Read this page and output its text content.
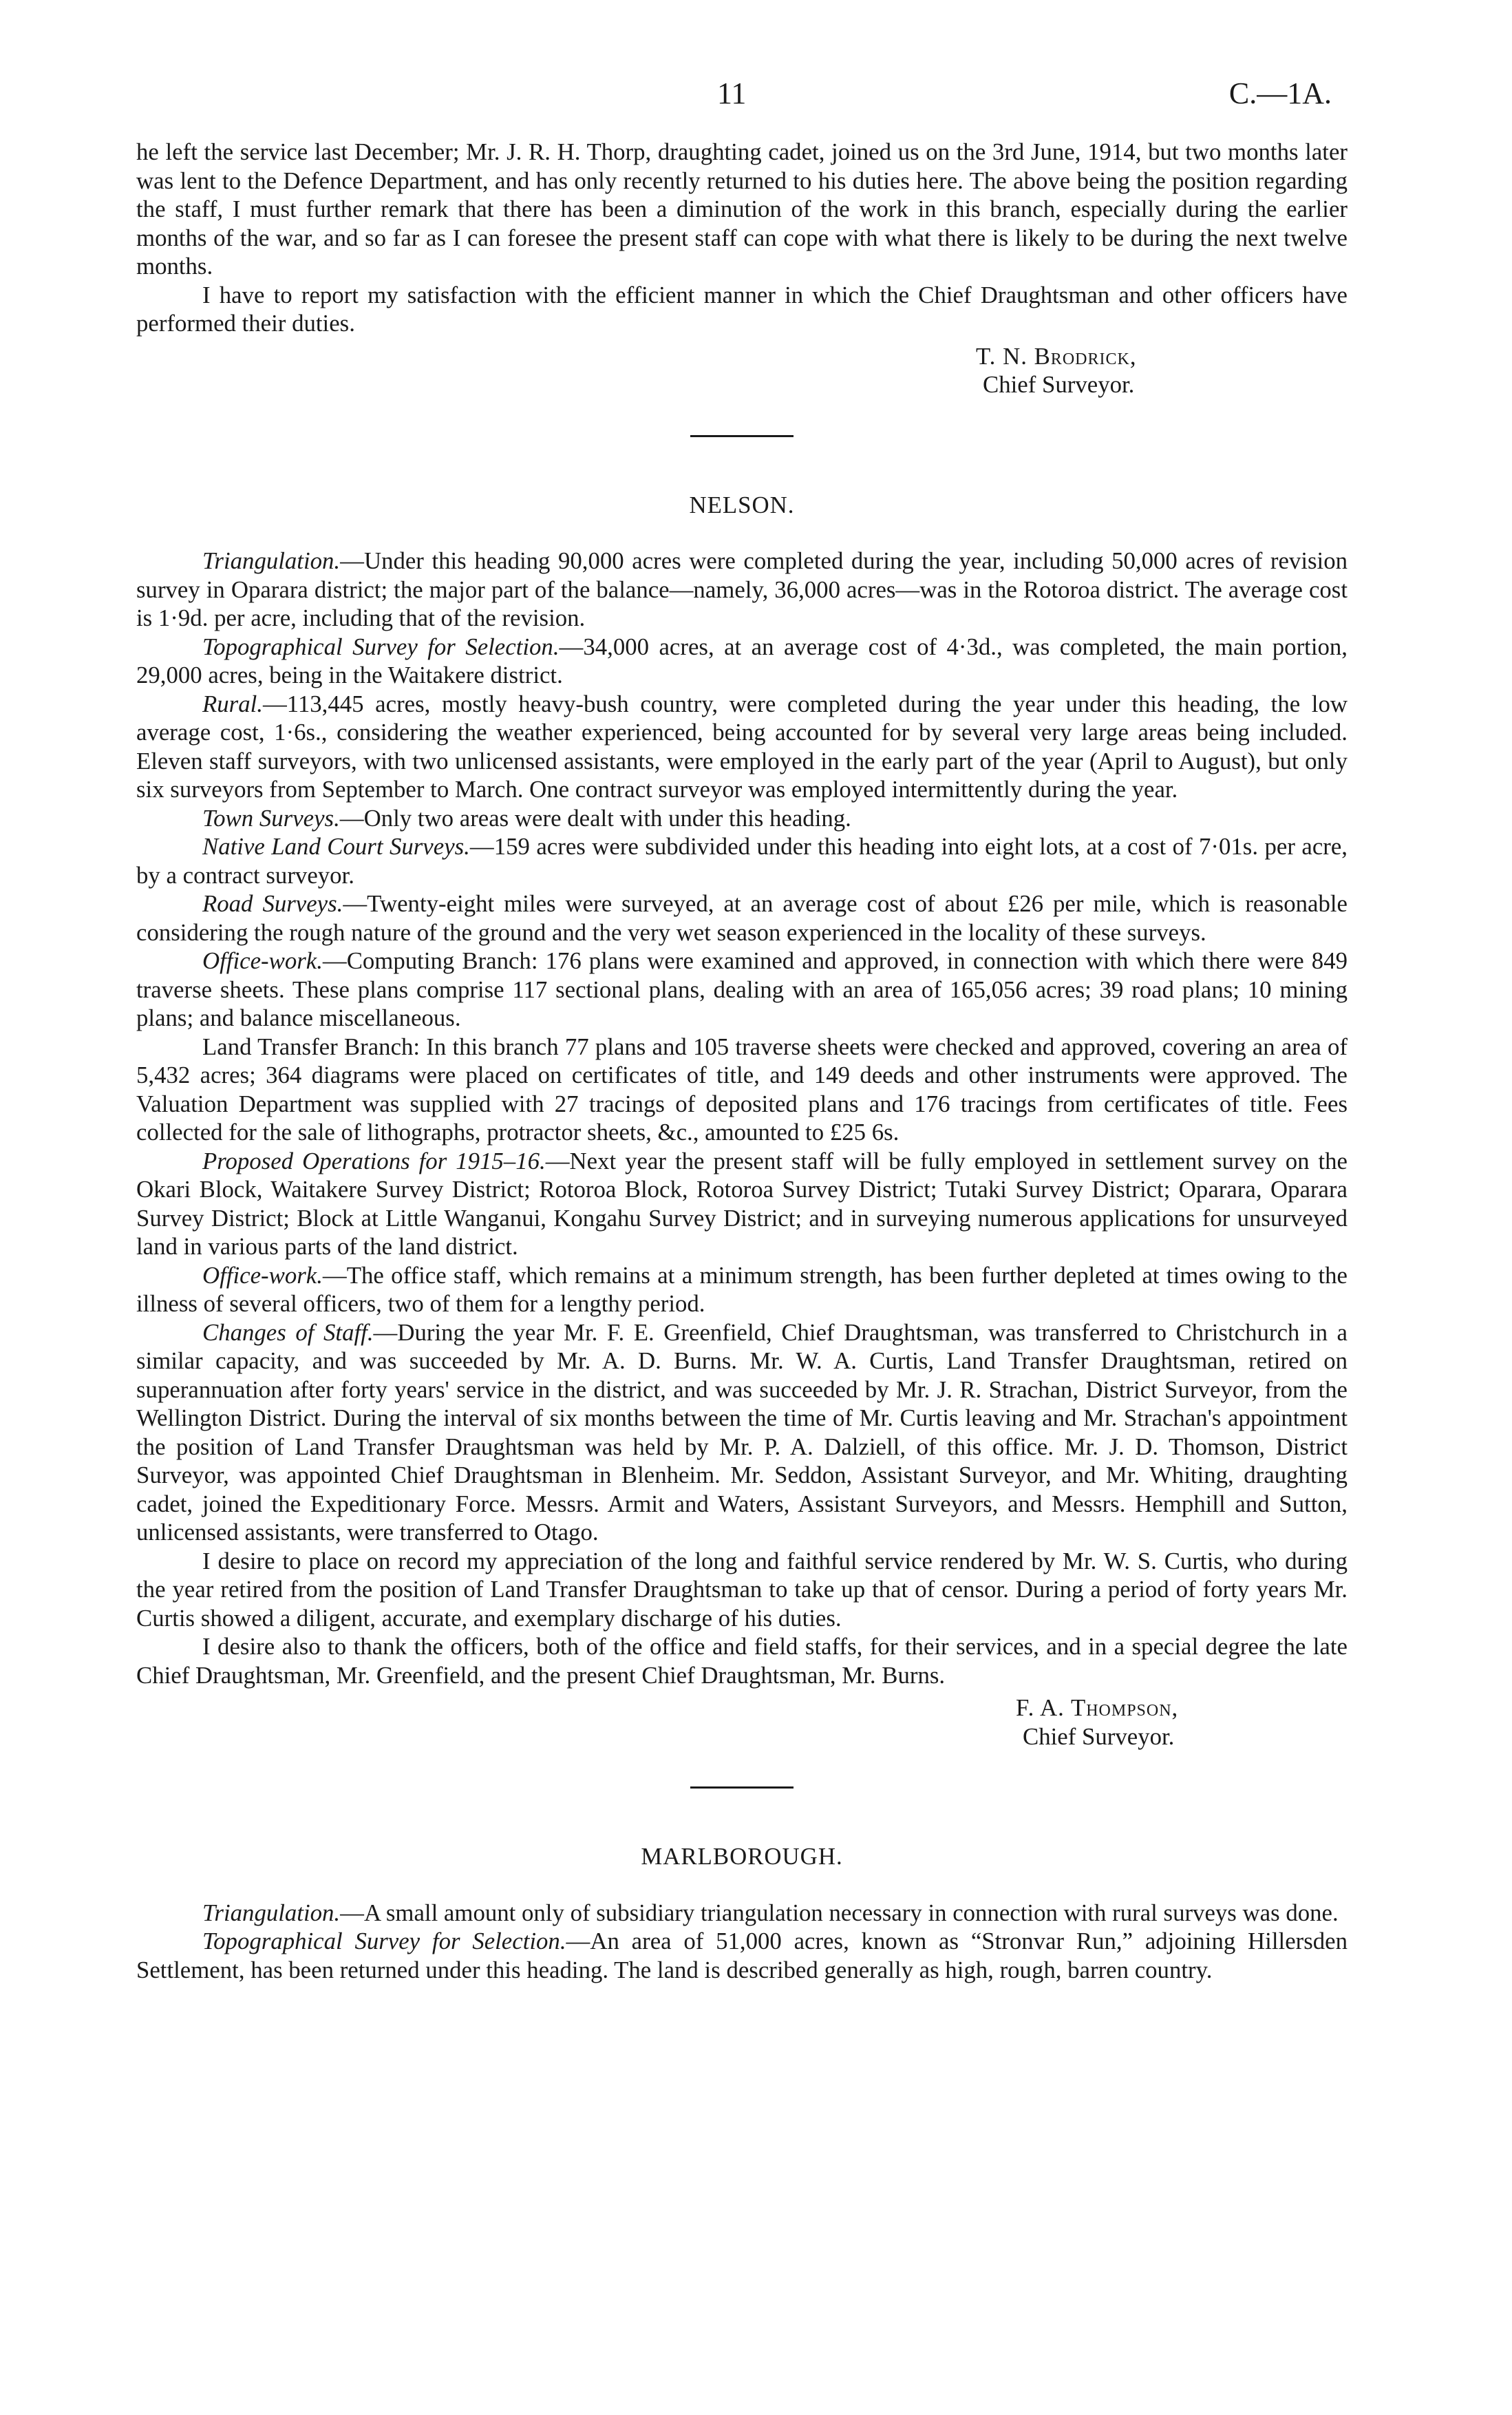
11	C.—1A.

he left the service last December; Mr. J. R. H. Thorp, draughting cadet, joined us on the 3rd June, 1914, but two months later was lent to the Defence Department, and has only recently returned to his duties here. The above being the position regarding the staff, I must further remark that there has been a diminution of the work in this branch, especially during the earlier months of the war, and so far as I can foresee the present staff can cope with what there is likely to be during the next twelve months.

I have to report my satisfaction with the efficient manner in which the Chief Draughtsman and other officers have performed their duties.

T. N. Brodrick,
Chief Surveyor.
NELSON.

Triangulation.—Under this heading 90,000 acres were completed during the year, including 50,000 acres of revision survey in Oparara district; the major part of the balance—namely, 36,000 acres—was in the Rotoroa district. The average cost is 1·9d. per acre, including that of the revision.

Topographical Survey for Selection.—34,000 acres, at an average cost of 4·3d., was completed, the main portion, 29,000 acres, being in the Waitakere district.

Rural.—113,445 acres, mostly heavy-bush country, were completed during the year under this heading, the low average cost, 1·6s., considering the weather experienced, being accounted for by several very large areas being included. Eleven staff surveyors, with two unlicensed assistants, were employed in the early part of the year (April to August), but only six surveyors from September to March. One contract surveyor was employed intermittently during the year.

Town Surveys.—Only two areas were dealt with under this heading.

Native Land Court Surveys.—159 acres were subdivided under this heading into eight lots, at a cost of 7·01s. per acre, by a contract surveyor.

Road Surveys.—Twenty-eight miles were surveyed, at an average cost of about £26 per mile, which is reasonable considering the rough nature of the ground and the very wet season experienced in the locality of these surveys.

Office-work.—Computing Branch: 176 plans were examined and approved, in connection with which there were 849 traverse sheets. These plans comprise 117 sectional plans, dealing with an area of 165,056 acres; 39 road plans; 10 mining plans; and balance miscellaneous.

Land Transfer Branch: In this branch 77 plans and 105 traverse sheets were checked and approved, covering an area of 5,432 acres; 364 diagrams were placed on certificates of title, and 149 deeds and other instruments were approved. The Valuation Department was supplied with 27 tracings of deposited plans and 176 tracings from certificates of title. Fees collected for the sale of lithographs, protractor sheets, &c., amounted to £25 6s.

Proposed Operations for 1915–16.—Next year the present staff will be fully employed in settlement survey on the Okari Block, Waitakere Survey District; Rotoroa Block, Rotoroa Survey District; Tutaki Survey District; Oparara, Oparara Survey District; Block at Little Wanganui, Kongahu Survey District; and in surveying numerous applications for unsurveyed land in various parts of the land district.

Office-work.—The office staff, which remains at a minimum strength, has been further depleted at times owing to the illness of several officers, two of them for a lengthy period.

Changes of Staff.—During the year Mr. F. E. Greenfield, Chief Draughtsman, was transferred to Christchurch in a similar capacity, and was succeeded by Mr. A. D. Burns. Mr. W. A. Curtis, Land Transfer Draughtsman, retired on superannuation after forty years' service in the district, and was succeeded by Mr. J. R. Strachan, District Surveyor, from the Wellington District. During the interval of six months between the time of Mr. Curtis leaving and Mr. Strachan's appointment the position of Land Transfer Draughtsman was held by Mr. P. A. Dalziell, of this office. Mr. J. D. Thomson, District Surveyor, was appointed Chief Draughtsman in Blenheim. Mr. Seddon, Assistant Surveyor, and Mr. Whiting, draughting cadet, joined the Expeditionary Force. Messrs. Armit and Waters, Assistant Surveyors, and Messrs. Hemphill and Sutton, unlicensed assistants, were transferred to Otago.

I desire to place on record my appreciation of the long and faithful service rendered by Mr. W. S. Curtis, who during the year retired from the position of Land Transfer Draughtsman to take up that of censor. During a period of forty years Mr. Curtis showed a diligent, accurate, and exemplary discharge of his duties.

I desire also to thank the officers, both of the office and field staffs, for their services, and in a special degree the late Chief Draughtsman, Mr. Greenfield, and the present Chief Draughtsman, Mr. Burns.

F. A. Thompson,
Chief Surveyor.
MARLBOROUGH.

Triangulation.—A small amount only of subsidiary triangulation necessary in connection with rural surveys was done.

Topographical Survey for Selection.—An area of 51,000 acres, known as “Stronvar Run,” adjoining Hillersden Settlement, has been returned under this heading. The land is described generally as high, rough, barren country.
